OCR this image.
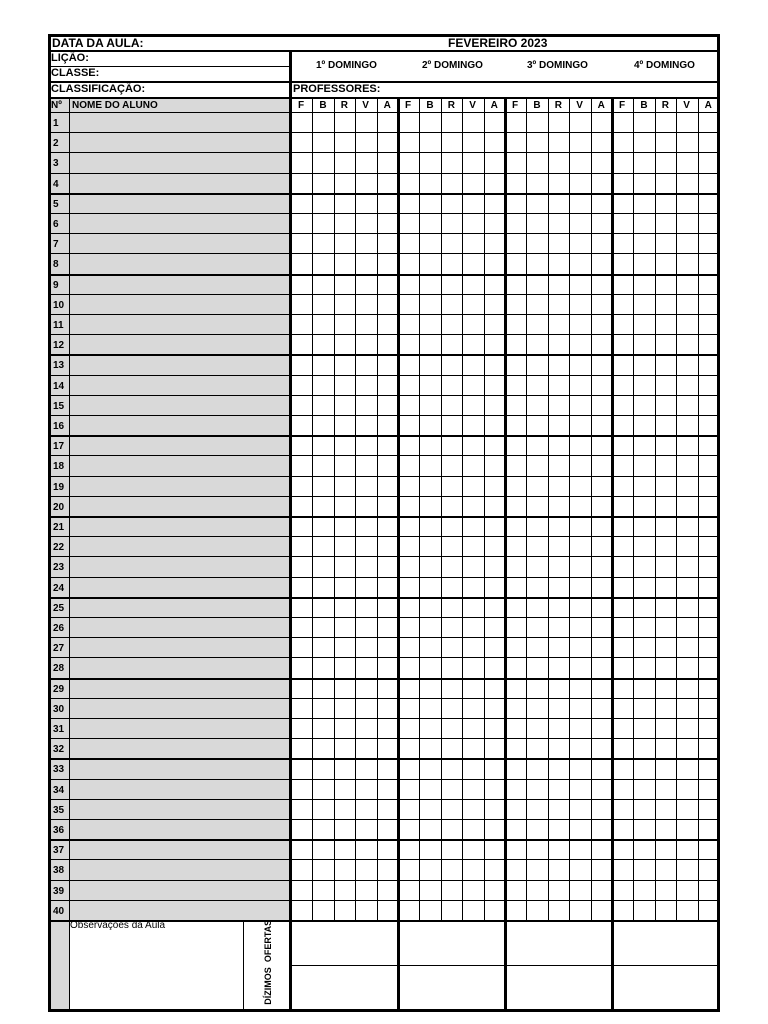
DATA DA AULA:	FEVEREIRO 2023
LIÇÃO:
CLASSE:
CLASSIFICAÇÃO:	PROFESSORES:
1º DOMINGO	2º DOMINGO	3º DOMINGO	4º DOMINGO
Nº NOME DO ALUNO	F B R V A F B R V A F B R V A F B R V A
1
2
3
4
5
6
7
8
9
10
11
12
13
14
15
16
17
18
19
20
21
22
23
24
25
26
27
28
29
30
31
32
33
34
35
36
37
38
39
40
Observações da Aula	OFERTAS
DÍZIMOS
